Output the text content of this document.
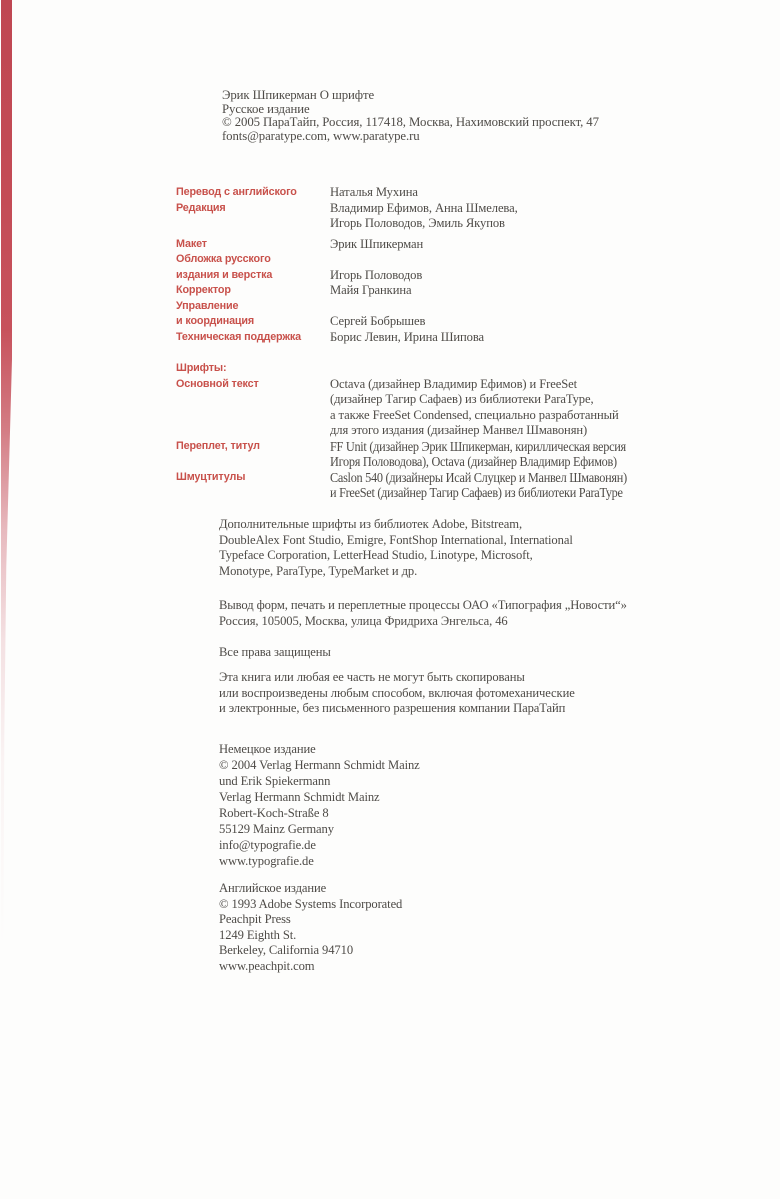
Эрик Шпикерман О шрифте
Русское издание
© 2005 ПараТайп, Россия, 117418, Москва, Нахимовский проспект, 47
fonts@paratype.com, www.paratype.ru
Перевод с английского	Наталья Мухина
Редакция	Владимир Ефимов, Анна Шмелева,
Игорь Половодов, Эмиль Якупов
Макет	Эрик Шпикерман
Обложка русского
издания и верстка	Игорь Половодов
Корректор	Майя Гранкина
Управление
и координация	Сергей Бобрышев
Техническая поддержка	Борис Левин, Ирина Шипова
Шрифты:
Основной текст	Octava (дизайнер Владимир Ефимов) и FreeSet
(дизайнер Тагир Сафаев) из библиотеки ParaType,
а также FreeSet Condensed, специально разработанный
для этого издания (дизайнер Манвел Шмавонян)
Переплет, титул	FF Unit (дизайнер Эрик Шпикерман, кириллическая версия
Игоря Половодова), Octava (дизайнер Владимир Ефимов)
Шмуцтитулы	Caslon 540 (дизайнеры Исай Слуцкер и Манвел Шмавонян)
и FreeSet (дизайнер Тагир Сафаев) из библиотеки ParaType
Дополнительные шрифты из библиотек Adobe, Bitstream,
DoubleAlex Font Studio, Emigre, FontShop International, International
Typeface Corporation, LetterHead Studio, Linotype, Microsoft,
Monotype, ParaType, TypeMarket и др.
Вывод форм, печать и переплетные процессы ОАО «Типография „Новости“»
Россия, 105005, Москва, улица Фридриха Энгельса, 46
Все права защищены
Эта книга или любая ее часть не могут быть скопированы
или воспроизведены любым способом, включая фотомеханические
и электронные, без письменного разрешения компании ПараТайп
Немецкое издание
© 2004 Verlag Hermann Schmidt Mainz
und Erik Spiekermann
Verlag Hermann Schmidt Mainz
Robert-Koch-Straße 8
55129 Mainz Germany
info@typografie.de
www.typografie.de
Английское издание
© 1993 Adobe Systems Incorporated
Peachpit Press
1249 Eighth St.
Berkeley, California 94710
www.peachpit.com
